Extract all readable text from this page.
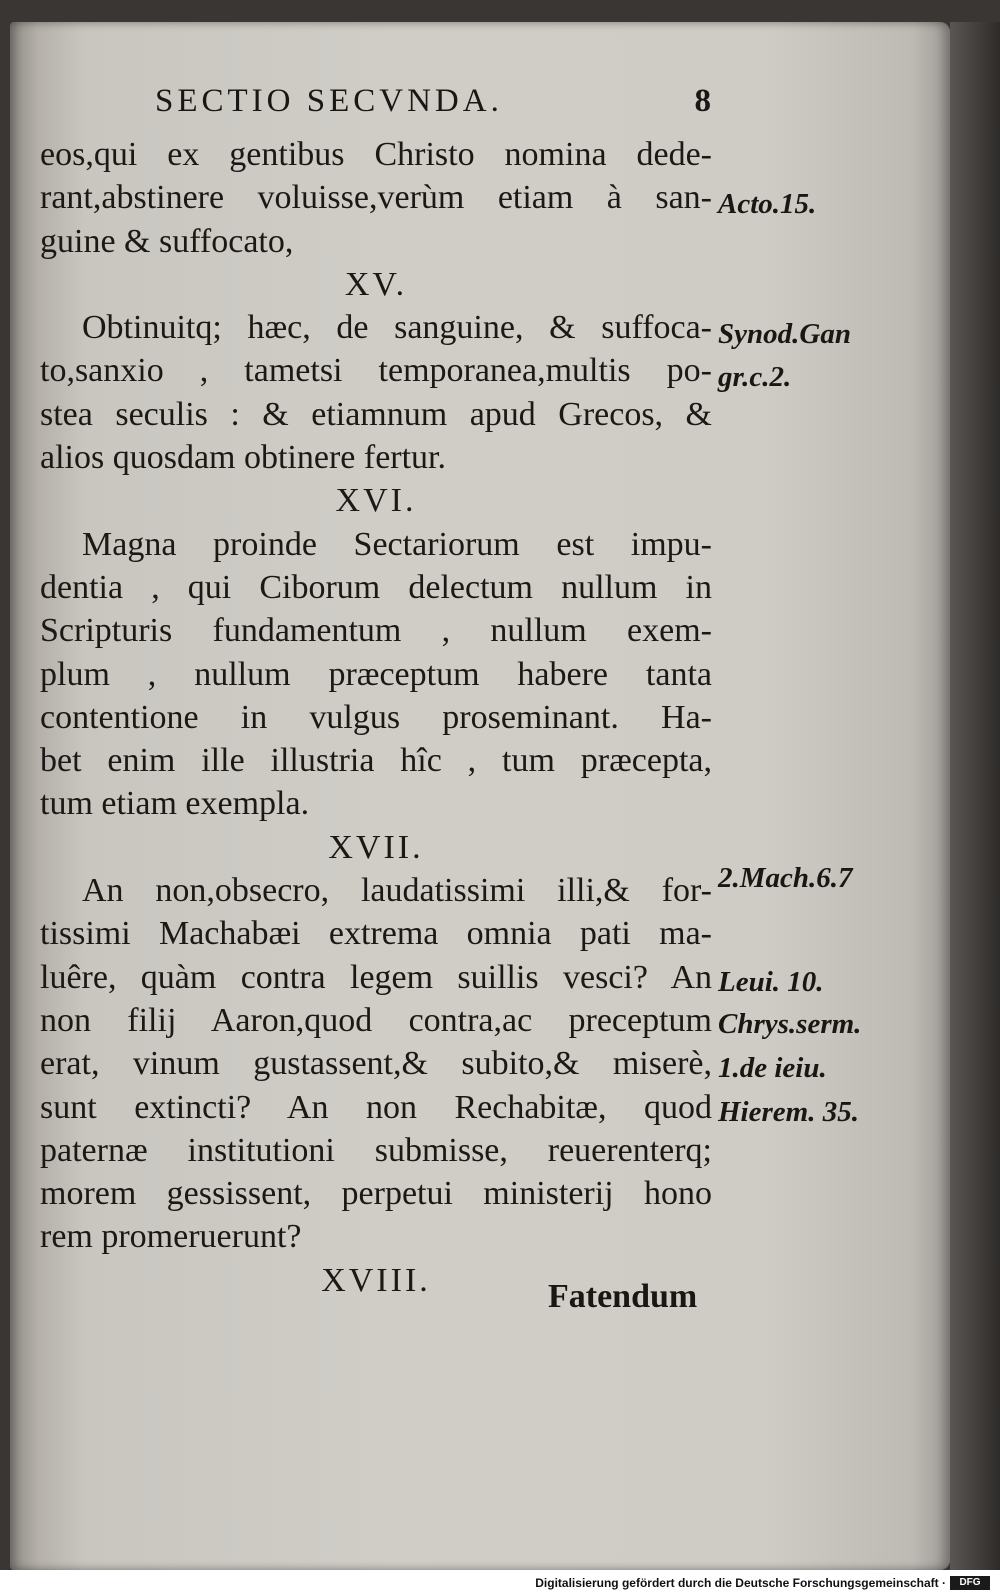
SECTIO SECVNDA.	8
eos,qui ex gentibus Christo nomina dede-
rant,abstinere voluisse,verùm etiam à san-
guine & suffocato,
XV.
Obtinuitq; hæc, de sanguine, & suffoca-
to,sanxio , tametsi temporanea,multis po-
stea seculis : & etiamnum apud Grecos, &
alios quosdam obtinere fertur.
XVI.
Magna proinde Sectariorum est impu-
dentia , qui Ciborum delectum nullum in
Scripturis fundamentum , nullum exem-
plum , nullum præceptum habere tanta
contentione in vulgus proseminant. Ha-
bet enim ille illustria hîc , tum præcepta,
tum etiam exempla.
XVII.
An non,obsecro, laudatissimi illi,& for-
tissimi Machabæi extrema omnia pati ma-
luêre, quàm contra legem suillis vesci? An
non filij Aaron,quod contra,ac preceptum
erat, vinum gustassent,& subito,& miserè,
sunt extincti? An non Rechabitæ, quod
paternæ institutioni submisse, reuerenterq;
morem gessissent, perpetui ministerij hono
rem promeruerunt?
XVIII.
Acto.15.
Synod.Gan
gr.c.2.
2.Mach.6.7
Leui. 10.
Chrys.serm.
1.de ieiu.
Hierem. 35.
Fatendum
Digitalisierung gefördert durch die Deutsche Forschungsgemeinschaft ·	DFG
